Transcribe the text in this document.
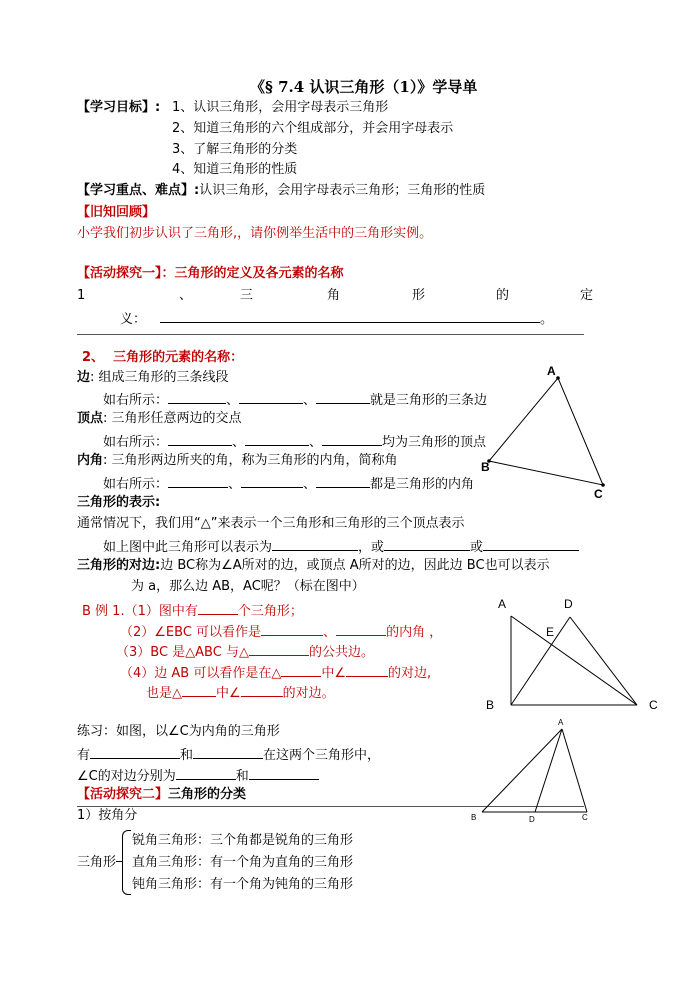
《§ 7.4 认识三角形（1）》学导单
【学习目标】: 1、认识三角形，会用字母表示三角形
2、知道三角形的六个组成部分，并会用字母表示
3、了解三角形的分类
4、知道三角形的性质
【学习重点、难点】:认识三角形，会用字母表示三角形；三角形的性质
【旧知回顾】
小学我们初步认识了三角形,，请你例举生活中的三角形实例。
【活动探究一】：三角形的定义及各元素的名称
1	、	三	角	形	的	定
义：	。
2、 三角形的元素的名称：
边: 组成三角形的三条线段
如右所示：	、	、	就是三角形的三条边
顶点: 三角形任意两边的交点
如右所示：	、	、	均为三角形的顶点
内角: 三角形两边所夹的角，称为三角形的内角，简称角
如右所示：	、	、	都是三角形的内角
三角形的表示:
通常情况下，我们用“△”来表示一个三角形和三角形的三个顶点表示
如上图中此三角形可以表示为	，或	或
三角形的对边:边 BC称为∠A所对的边，或顶点 A所对的边，因此边 BC也可以表示
为 a，那么边 AB，AC呢？（标在图中）
B 例 1.（1）图中有	个三角形；
（2）∠EBC 可以看作是	、	的内角 ，
（3）BC 是△ABC 与△	的公共边。
（4）边 AB 可以看作是在△	中∠	的对边,
也是△	中∠	的对边。
练习：如图，以∠C为内角的三角形
有	和	在这两个三角形中，
∠C的对边分别为	和
【活动探究二】三角形的分类
1）按角分
三角形
锐角三角形：三个角都是锐角的三角形
直角三角形：有一个角为直角的三角形
钝角三角形：有一个角为钝角的三角形
A
B
C
A	D
E
B	C
A
B	D	C
